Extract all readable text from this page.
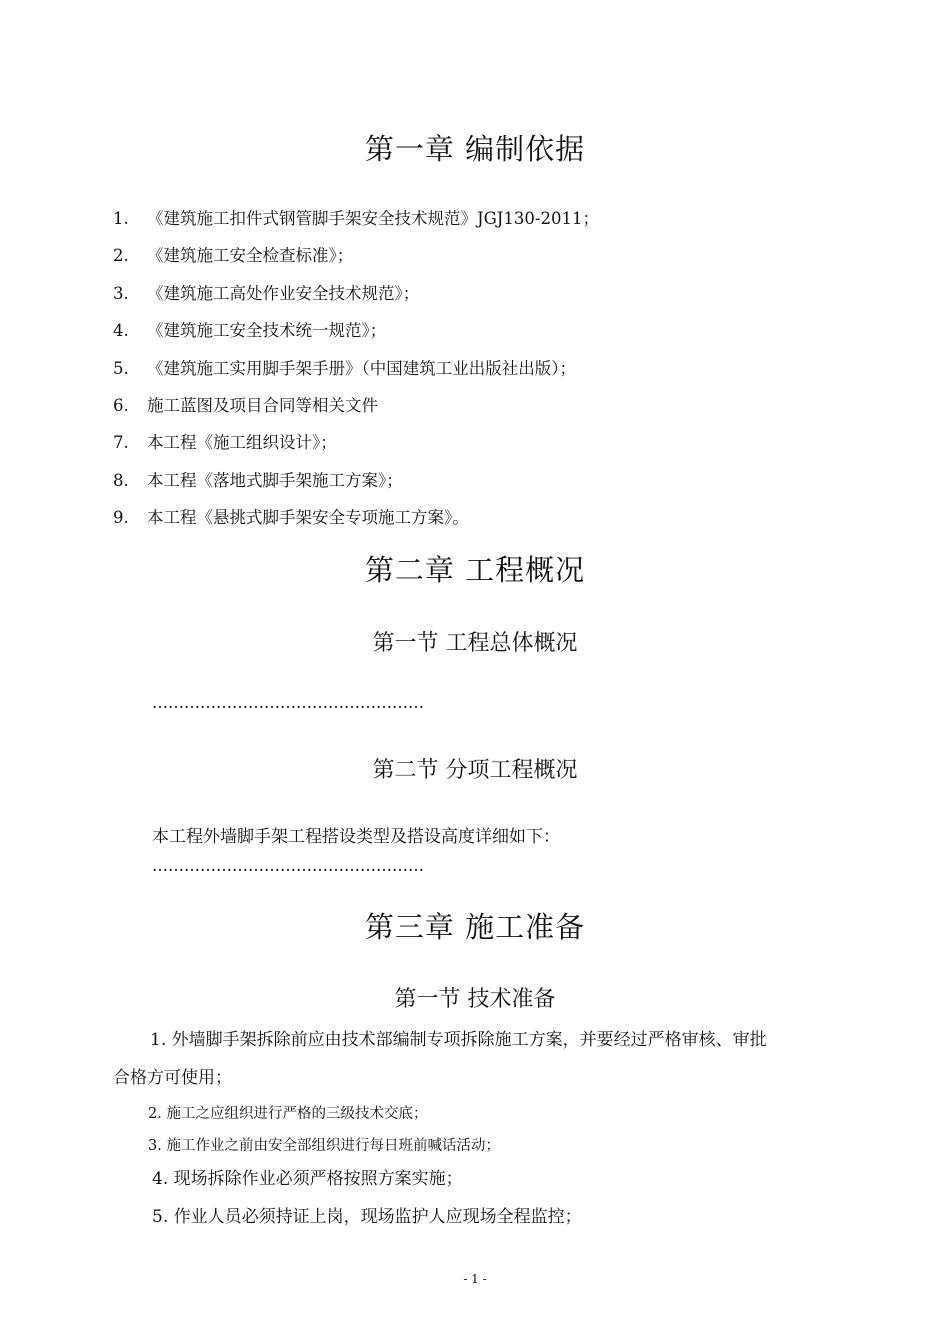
第一章 编制依据
1. 《建筑施工扣件式钢管脚手架安全技术规范》JGJ130-2011；
2. 《建筑施工安全检查标准》；
3. 《建筑施工高处作业安全技术规范》；
4. 《建筑施工安全技术统一规范》；
5. 《建筑施工实用脚手架手册》（中国建筑工业出版社出版）；
6. 施工蓝图及项目合同等相关文件
7. 本工程《施工组织设计》；
8. 本工程《落地式脚手架施工方案》；
9. 本工程《悬挑式脚手架安全专项施工方案》。
第二章 工程概况
第一节 工程总体概况
……………………………………………
第二节 分项工程概况
本工程外墙脚手架工程搭设类型及搭设高度详细如下：
……………………………………………
第三章 施工准备
第一节 技术准备
1. 外墙脚手架拆除前应由技术部编制专项拆除施工方案，并要经过严格审核、审批
合格方可使用；
2. 施工之应组织进行严格的三级技术交底；
3. 施工作业之前由安全部组织进行每日班前喊话活动；
4. 现场拆除作业必须严格按照方案实施；
5. 作业人员必须持证上岗，现场监护人应现场全程监控；
- 1 -
